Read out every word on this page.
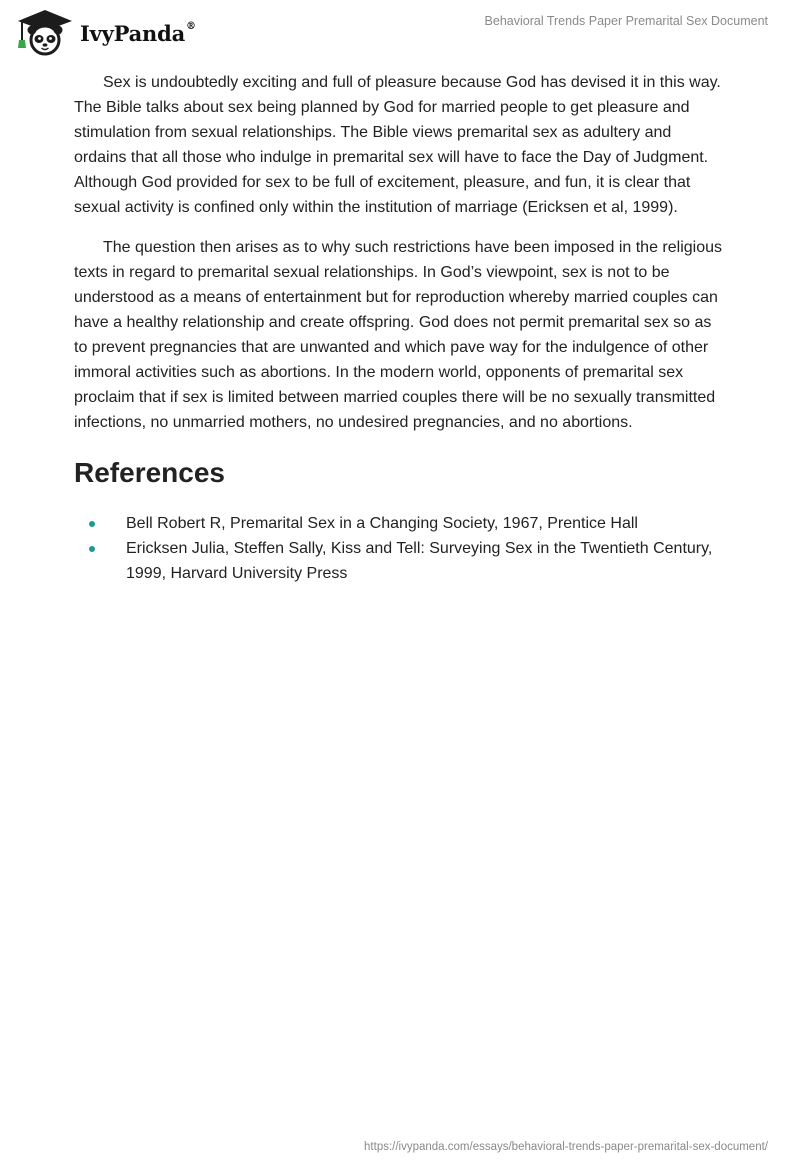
IvyPanda®	Behavioral Trends Paper Premarital Sex Document

Sex is undoubtedly exciting and full of pleasure because God has devised it in this way. The Bible talks about sex being planned by God for married people to get pleasure and stimulation from sexual relationships. The Bible views premarital sex as adultery and ordains that all those who indulge in premarital sex will have to face the Day of Judgment. Although God provided for sex to be full of excitement, pleasure, and fun, it is clear that sexual activity is confined only within the institution of marriage (Ericksen et al, 1999).

The question then arises as to why such restrictions have been imposed in the religious texts in regard to premarital sexual relationships. In God’s viewpoint, sex is not to be understood as a means of entertainment but for reproduction whereby married couples can have a healthy relationship and create offspring. God does not permit premarital sex so as to prevent pregnancies that are unwanted and which pave way for the indulgence of other immoral activities such as abortions. In the modern world, opponents of premarital sex proclaim that if sex is limited between married couples there will be no sexually transmitted infections, no unmarried mothers, no undesired pregnancies, and no abortions.

References
Bell Robert R, Premarital Sex in a Changing Society, 1967, Prentice Hall
Ericksen Julia, Steffen Sally, Kiss and Tell: Surveying Sex in the Twentieth Century, 1999, Harvard University Press
https://ivypanda.com/essays/behavioral-trends-paper-premarital-sex-document/
